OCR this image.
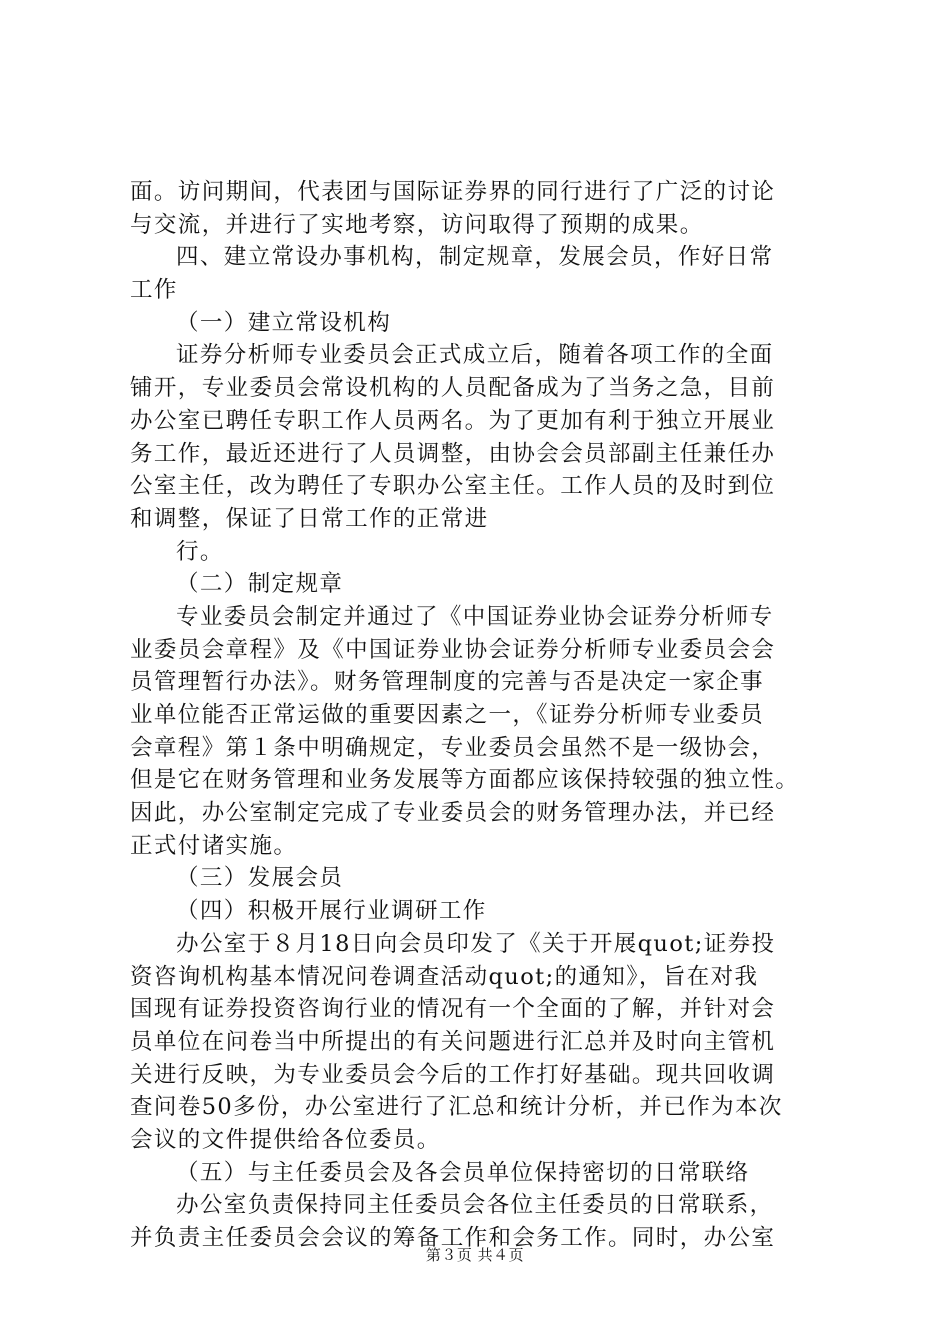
面。访问期间，代表团与国际证券界的同行进行了广泛的讨论
与交流，并进行了实地考察，访问取得了预期的成果。
四、建立常设办事机构，制定规章，发展会员，作好日常
工作
（一）建立常设机构
证券分析师专业委员会正式成立后，随着各项工作的全面
铺开，专业委员会常设机构的人员配备成为了当务之急，目前
办公室已聘任专职工作人员两名。为了更加有利于独立开展业
务工作，最近还进行了人员调整，由协会会员部副主任兼任办
公室主任，改为聘任了专职办公室主任。工作人员的及时到位
和调整，保证了日常工作的正常进
行。
（二）制定规章
专业委员会制定并通过了《中国证券业协会证券分析师专
业委员会章程》及《中国证券业协会证券分析师专业委员会会
员管理暂行办法》。财务管理制度的完善与否是决定一家企事
业单位能否正常运做的重要因素之一，《证券分析师专业委员
会章程》第１条中明确规定，专业委员会虽然不是一级协会，
但是它在财务管理和业务发展等方面都应该保持较强的独立性。
因此，办公室制定完成了专业委员会的财务管理办法，并已经
正式付诸实施。
（三）发展会员
（四）积极开展行业调研工作
办公室于８月18日向会员印发了《关于开展quot;证券投
资咨询机构基本情况问卷调查活动quot;的通知》，旨在对我
国现有证券投资咨询行业的情况有一个全面的了解，并针对会
员单位在问卷当中所提出的有关问题进行汇总并及时向主管机
关进行反映，为专业委员会今后的工作打好基础。现共回收调
查问卷50多份，办公室进行了汇总和统计分析，并已作为本次
会议的文件提供给各位委员。
（五）与主任委员会及各会员单位保持密切的日常联络
办公室负责保持同主任委员会各位主任委员的日常联系，
并负责主任委员会会议的筹备工作和会务工作。同时，办公室
第３页 共４页
